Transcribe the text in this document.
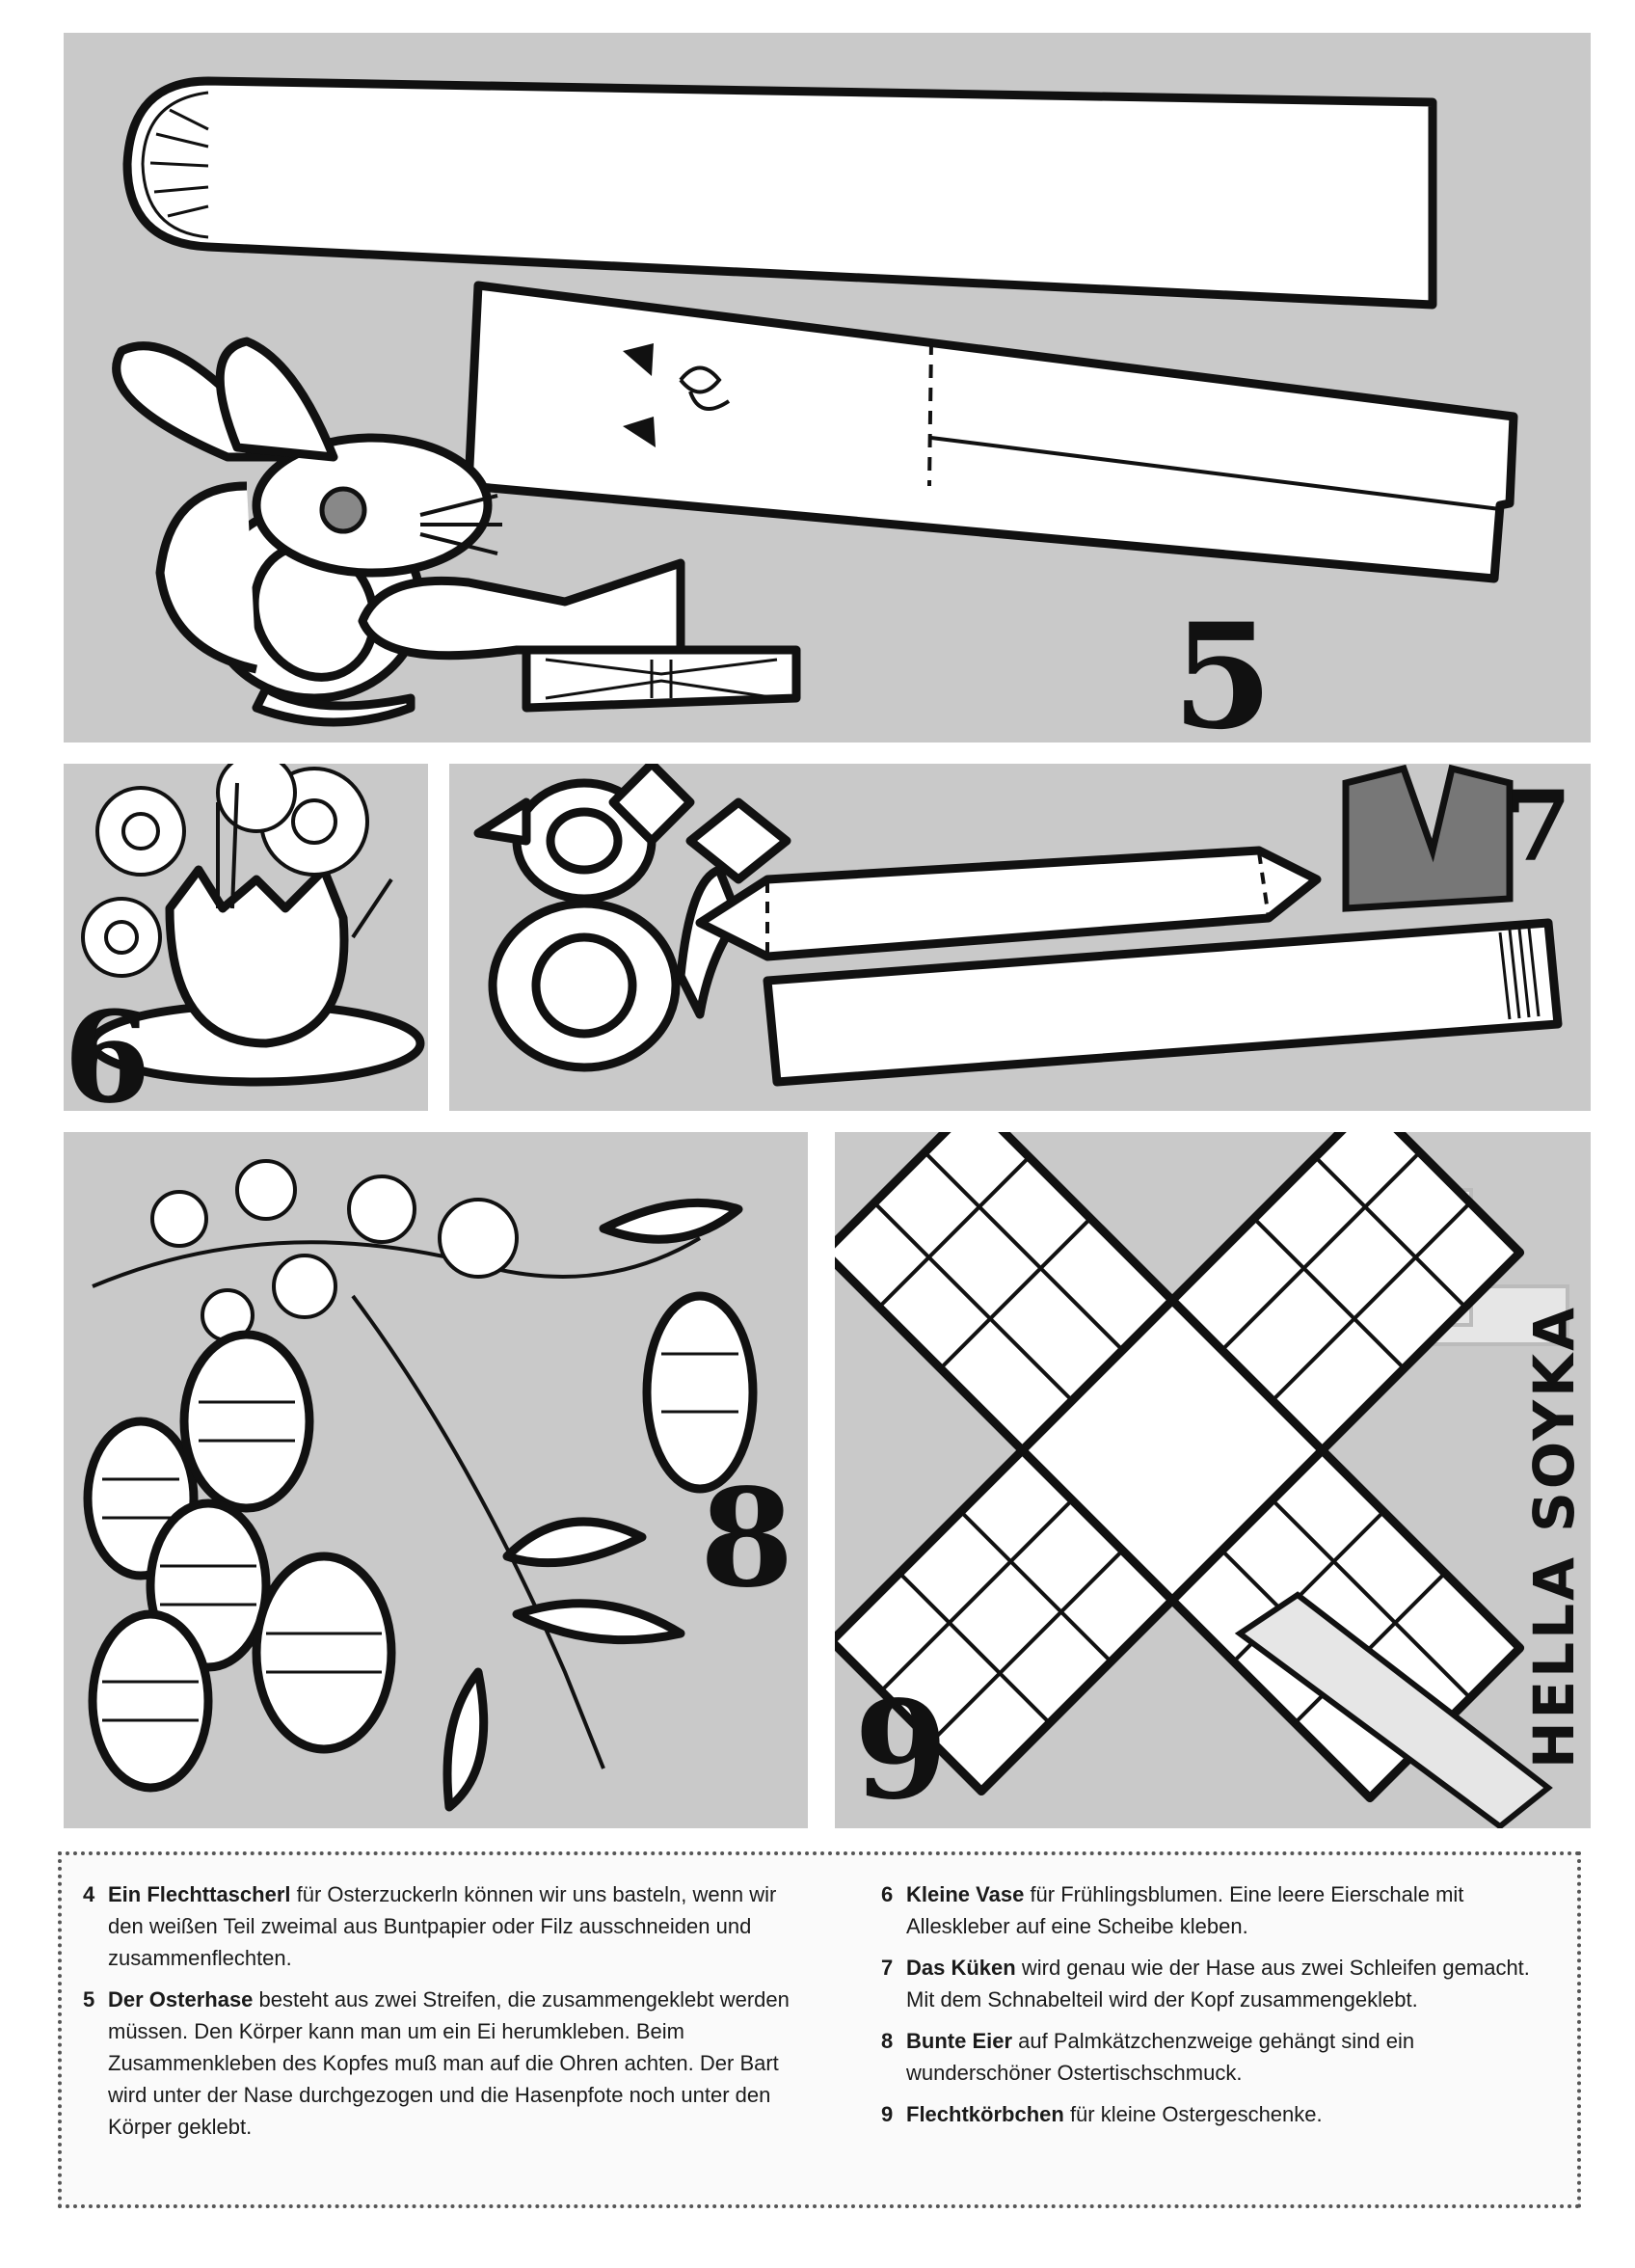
5
6
7
8
9	HELLA SOYKA
4 Ein Flechttascherl für Osterzuckerln können wir uns basteln, wenn wir den weißen Teil zweimal aus Buntpapier oder Filz ausschneiden und zusammenflechten.
5 Der Osterhase besteht aus zwei Streifen, die zusammengeklebt werden müssen. Den Körper kann man um ein Ei herumkleben. Beim Zusammenkleben des Kopfes muß man auf die Ohren achten. Der Bart wird unter der Nase durchgezogen und die Hasenpfote noch unter den Körper geklebt.
6 Kleine Vase für Frühlingsblumen. Eine leere Eierschale mit Alleskleber auf eine Scheibe kleben.
7 Das Küken wird genau wie der Hase aus zwei Schleifen gemacht. Mit dem Schnabelteil wird der Kopf zusammengeklebt.
8 Bunte Eier auf Palmkätzchenzweige gehängt sind ein wunderschöner Ostertischschmuck.
9 Flechtkörbchen für kleine Ostergeschenke.
